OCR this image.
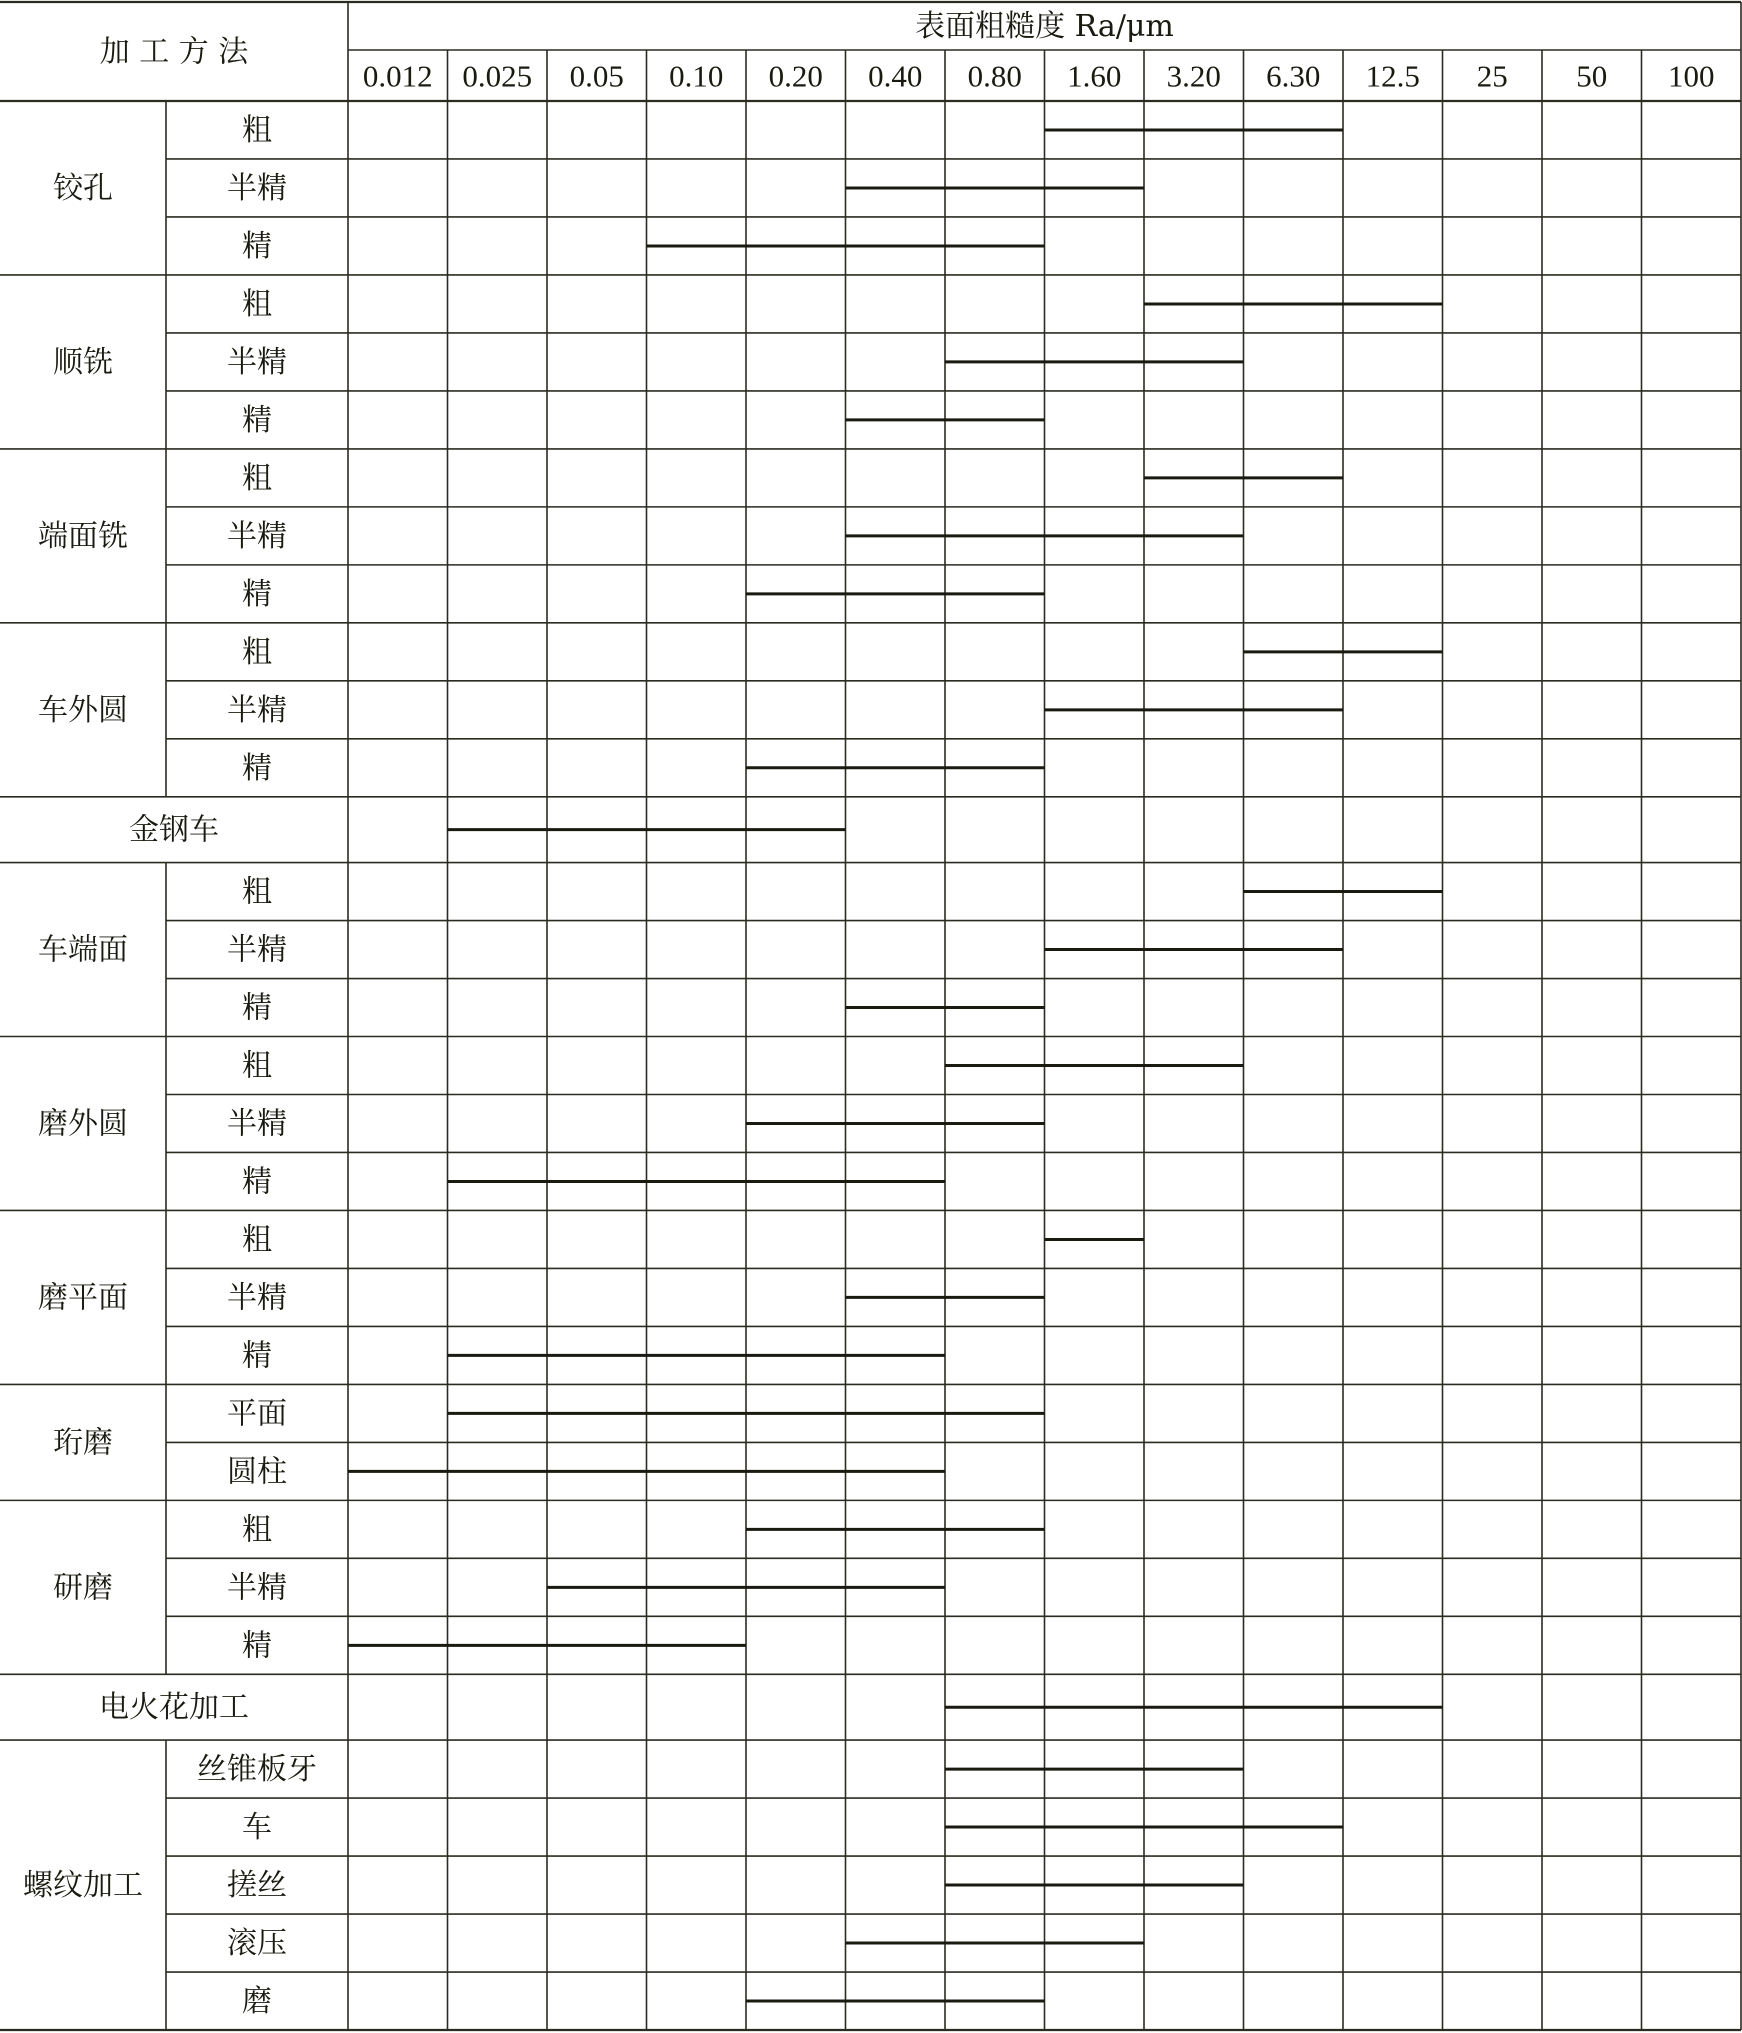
加 工 方 法
表面粗糙度 Ra/μm
0.012 0.025 0.05 0.10 0.20 0.40 0.80 1.60 3.20 6.30 12.5 25 50 100
铰孔
粗
半精
精
顺铣
粗
半精
精
端面铣
粗
半精
精
车外圆
粗
半精
精
金钢车
车端面
粗
半精
精
磨外圆
粗
半精
精
磨平面
粗
半精
精
珩磨
平面
圆柱
研磨
粗
半精
精
电火花加工
螺纹加工
丝锥板牙
车
搓丝
滚压
磨
